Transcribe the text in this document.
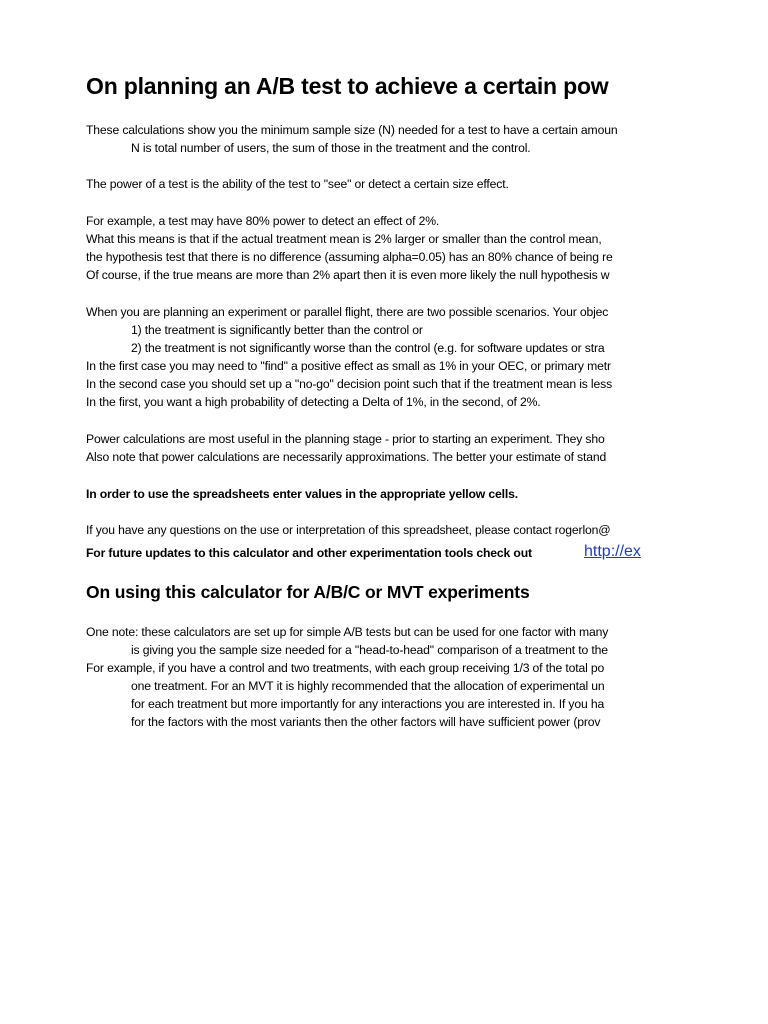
On planning an A/B test to achieve a certain pow
These calculations show you the minimum sample size (N) needed for a test to have a certain amoun
N is total number of users, the sum of those in the treatment and the control.
The power of a test is the ability of the test to "see" or detect a certain size effect.
For example, a test may have 80% power to detect an effect of 2%.
What this means is that if the actual treatment mean is 2% larger or smaller than the control mean,
the hypothesis test that there is no difference (assuming alpha=0.05) has an 80% chance of being re
Of course, if the true means are more than 2% apart then it is even more likely the null hypothesis w
When you are planning an experiment or parallel flight, there are two possible scenarios. Your objec
1) the treatment is significantly better than the control or
2) the treatment is not significantly worse than the control (e.g. for software updates or stra
In the first case you may need to "find" a positive effect as small as 1% in your OEC, or primary metr
In the second case you should set up a "no-go" decision point such that if the treatment mean is less
In the first, you want a high probability of detecting a Delta of 1%, in the second, of 2%.
Power calculations are most useful in the planning stage - prior to starting an experiment. They sho
Also note that power calculations are necessarily approximations. The better your estimate of stand
In order to use the spreadsheets enter values in the appropriate yellow cells.
If you have any questions on the use or interpretation of this spreadsheet, please contact rogerlon@
For future updates to this calculator and other experimentation tools check out	http://ex
On using this calculator for A/B/C or MVT experiments
One note: these calculators are set up for simple A/B tests but can be used for one factor with many
is giving you the sample size needed for a "head-to-head" comparison of a treatment to the
For example, if you have a control and two treatments, with each group receiving 1/3 of the total po
one treatment. For an MVT it is highly recommended that the allocation of experimental un
for each treatment but more importantly for any interactions you are interested in. If you ha
for the factors with the most variants then the other factors will have sufficient power (prov
